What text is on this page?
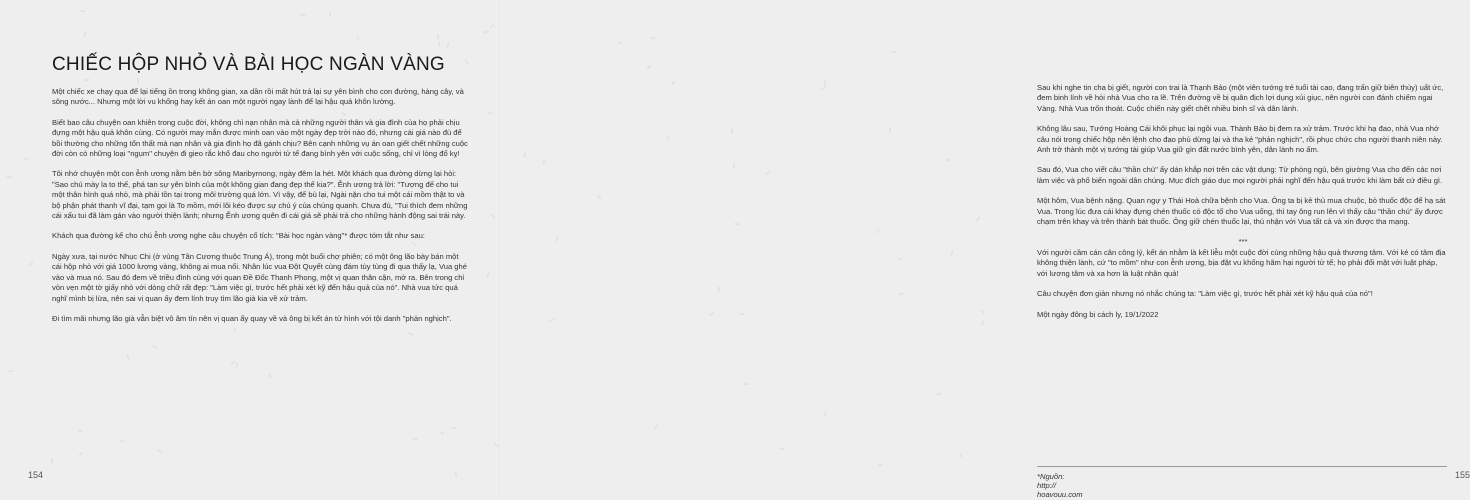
CHIẾC HỘP NHỎ VÀ BÀI HỌC NGÀN VÀNG

Một chiếc xe chạy qua để lại tiếng ồn trong không gian, xa dần rồi mất hút trả lại sự yên bình cho con đường, hàng cây, và sông nước... Nhưng một lời vu khống hay kết án oan một người ngay lành để lại hậu quả khôn lường.

Biết bao câu chuyện oan khiên trong cuộc đời, không chỉ nạn nhân mà cả những người thân và gia đình của họ phải chịu đựng một hậu quả khôn cùng. Có người may mắn được minh oan vào một ngày đẹp trời nào đó, nhưng cái giá nào đủ để bồi thường cho những tổn thất mà nạn nhân và gia đình họ đã gánh chịu? Bên cạnh những vụ án oan giết chết những cuộc đời còn có những loại "ngụm" chuyện đi gieo rắc khổ đau cho người tử tế đang bình yên với cuộc sống, chỉ vì lòng đố kỵ!

Tôi nhớ chuyện một con ễnh ương nằm bên bờ sông Maribyrnong, ngày đêm la hét. Một khách qua đường dừng lại hỏi: "Sao chú mày la to thế, phá tan sự yên bình của một không gian đang đẹp thế kia?". Ễnh ương trả lời: "Tượng đế cho tui một thân hình quá nhỏ, mà phải tồn tại trong môi trường quá lớn. Vì vậy, để bù lại, Ngài nặn cho tui một cái mồm thật to và bộ phận phát thanh vĩ đại, tạm gọi là To mồm, mới lôi kéo được sự chú ý của chúng quanh. Chưa đủ, "Tui thích đem những cái xấu tui đã làm gán vào người thiện lành; nhưng Ễnh ương quên đi cái giá sẽ phải trả cho những hành động sai trái này.

Khách qua đường kể cho chú ễnh ương nghe câu chuyện cổ tích: "Bài học ngàn vàng"* được tóm tắt như sau:

Ngày xưa, tại nước Nhục Chi (ở vùng Tân Cương thuộc Trung Á), trong một buổi chợ phiên; có một ông lão bày bán một cái hộp nhỏ với giá 1000 lượng vàng, không ai mua nổi. Nhân lúc vua Đột Quyết cùng đám tùy tùng đi qua thấy lạ, Vua ghé vào và mua nó. Sau đó đem về triều đình cùng với quan Đề Đốc Thanh Phong, một vị quan thân cận, mở ra. Bên trong chỉ vỏn vẹn một tờ giấy nhỏ với dòng chữ rất đẹp: "Làm việc gì, trước hết phải xét kỹ đến hậu quả của nó". Nhà vua tức quá nghĩ mình bị lừa, nên sai vị quan ấy đem lính truy tìm lão già kia về xử trảm.

Đi tìm mãi nhưng lão già vẫn biệt vô âm tín nên vị quan ấy quay về và ông bị kết án tử hình với tội danh "phản nghịch".

154

Sau khi nghe tin cha bị giết, người con trai là Thạnh Bảo (một viên tướng trẻ tuổi tài cao, đang trấn giữ biên thùy) uất ức, đem binh lính về hỏi nhà Vua cho ra lẽ. Trên đường về bị quân địch lợi dụng xúi giục, nên người con đánh chiếm ngai Vàng. Nhà Vua trốn thoát. Cuộc chiến này giết chết nhiều binh sĩ và dân lành.

Không lâu sau, Tướng Hoàng Cái khôi phục lại ngôi vua. Thành Bảo bị đem ra xử trảm. Trước khi hạ đao, nhà Vua nhớ câu nói trong chiếc hộp nên lệnh cho đao phủ dừng lại và tha kẻ "phản nghịch", rồi phục chức cho người thanh niên này. Anh trở thành một vị tướng tài giúp Vua giữ gìn đất nước bình yên, dân lành no ấm.

Sau đó, Vua cho viết câu "thần chú" ấy dán khắp nơi trên các vật dụng: Từ phòng ngủ, bên giường Vua cho đến các nơi làm việc và phổ biến ngoài dân chúng. Mục đích giáo dục mọi người phải nghĩ đến hậu quả trước khi làm bất cứ điều gì.

Một hôm, Vua bệnh nặng. Quan ngự y Thái Hoà chữa bệnh cho Vua. Ông ta bị kẻ thù mua chuộc, bỏ thuốc độc để hạ sát Vua. Trong lúc đưa cái khay đựng chén thuốc có độc tố cho Vua uống, thì tay ông run lên vì thấy câu "thần chú" ấy được chạm trên khay và trên thành bát thuốc. Ông giữ chén thuốc lại, thú nhận với Vua tất cả và xin được tha mạng.

***

Với người cầm cán cân công lý, kết án nhằm là kết liễu một cuộc đời cùng những hậu quả thương tâm. Với kẻ có tâm địa không thiện lành, cứ "to mồm" như con ễnh ương, bịa đặt vu khống hãm hại người tử tế; họ phải đối mặt với luật pháp, với lương tâm và xa hơn là luật nhân quả!

Câu chuyện đơn giản nhưng nó nhắc chúng ta: "Làm việc gì, trước hết phải xét kỹ hậu quả của nó"!

Một ngày đông bị cách ly, 19/1/2022

*Nguồn: http:// hoavouu.com
155
